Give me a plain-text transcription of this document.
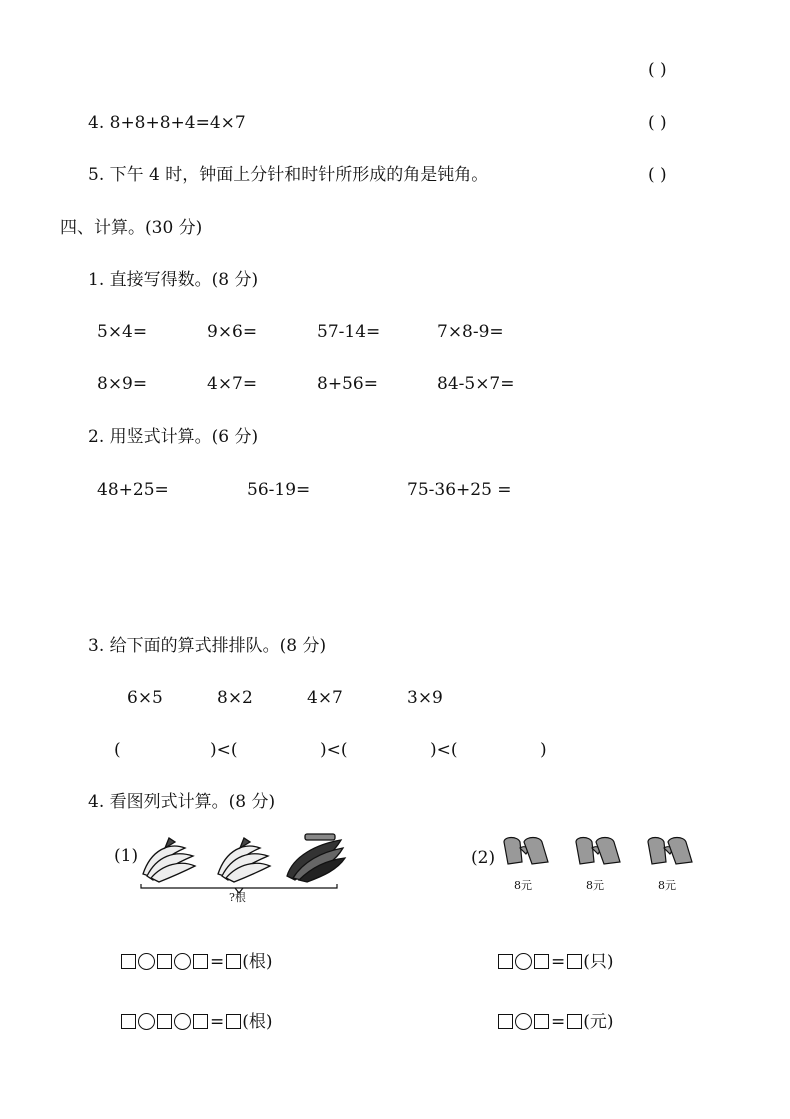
( )
4. 8+8+8+4=4×7	( )
5. 下午 4 时，钟面上分针和时针所形成的角是钝角。	( )
四、计算。(30 分)
1. 直接写得数。(8 分)
5×4=	9×6=	57-14=	7×8-9=
8×9=	4×7=	8+56=	84-5×7=
2. 用竖式计算。(6 分)
48+25=	56-19=	75-36+25 =
3. 给下面的算式排排队。(8 分)
6×5	8×2	4×7	3×9
(	)<(	)<(	)<(	)
4. 看图列式计算。(8 分)
(1)
?根
(2)
8元	8元	8元
= (根)
= (根)
= (只)
= (元)
